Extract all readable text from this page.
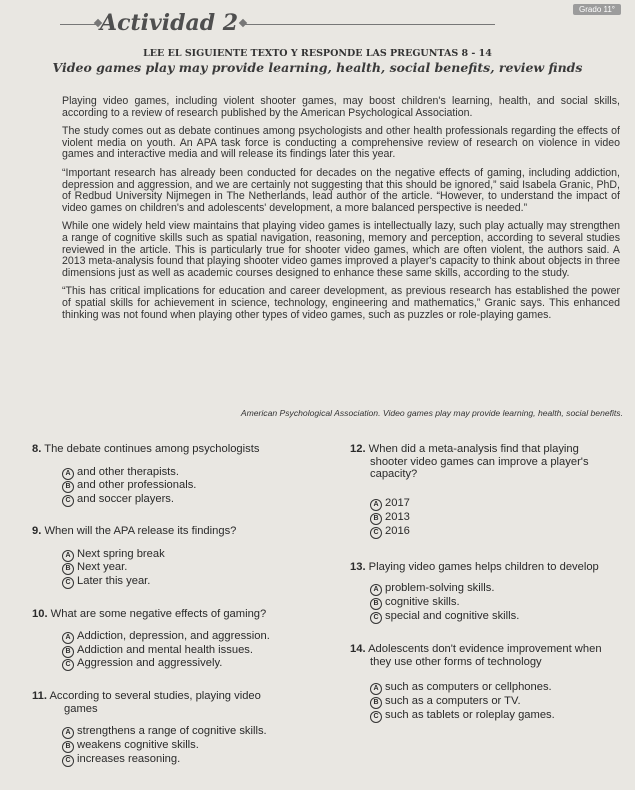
Grado 11°
Actividad 2
LEE EL SIGUIENTE TEXTO Y RESPONDE LAS PREGUNTAS 8 - 14
Video games play may provide learning, health, social benefits, review finds

Playing video games, including violent shooter games, may boost children's learning, health, and social skills, according to a review of research published by the American Psychological Association.

The study comes out as debate continues among psychologists and other health professionals regarding the effects of violent media on youth. An APA task force is conducting a comprehensive review of research on violence in video games and interactive media and will release its findings later this year.

“Important research has already been conducted for decades on the negative effects of gaming, including addiction, depression and aggression, and we are certainly not suggesting that this should be ignored,” said Isabela Granic, PhD, of Redbud University Nijmegen in The Netherlands, lead author of the article. “However, to understand the impact of video games on children's and adolescents' development, a more balanced perspective is needed.”

While one widely held view maintains that playing video games is intellectually lazy, such play actually may strengthen a range of cognitive skills such as spatial navigation, reasoning, memory and perception, according to several studies reviewed in the article. This is particularly true for shooter video games, which are often violent, the authors said. A 2013 meta-analysis found that playing shooter video games improved a player's capacity to think about objects in three dimensions just as well as academic courses designed to enhance these same skills, according to the study.

“This has critical implications for education and career development, as previous research has established the power of spatial skills for achievement in science, technology, engineering and mathematics,” Granic says. This enhanced thinking was not found when playing other types of video games, such as puzzles or role-playing games.

American Psychological Association. Video games play may provide learning, health, social benefits.
8. The debate continues among psychologists
A and other therapists.
B and other professionals.
C and soccer players.
9. When will the APA release its findings?
A Next spring break
B Next year.
C Later this year.
10. What are some negative effects of gaming?
A Addiction, depression, and aggression.
B Addiction and mental health issues.
C Aggression and aggressively.
11. According to several studies, playing video
games
A strengthens a range of cognitive skills.
B weakens cognitive skills.
C increases reasoning.
12. When did a meta-analysis find that playing
shooter video games can improve a player's
capacity?
A 2017
B 2013
C 2016
13. Playing video games helps children to develop
A problem-solving skills.
B cognitive skills.
C special and cognitive skills.
14. Adolescents don't evidence improvement when
they use other forms of technology
A such as computers or cellphones.
B such as a computers or TV.
C such as tablets or roleplay games.
